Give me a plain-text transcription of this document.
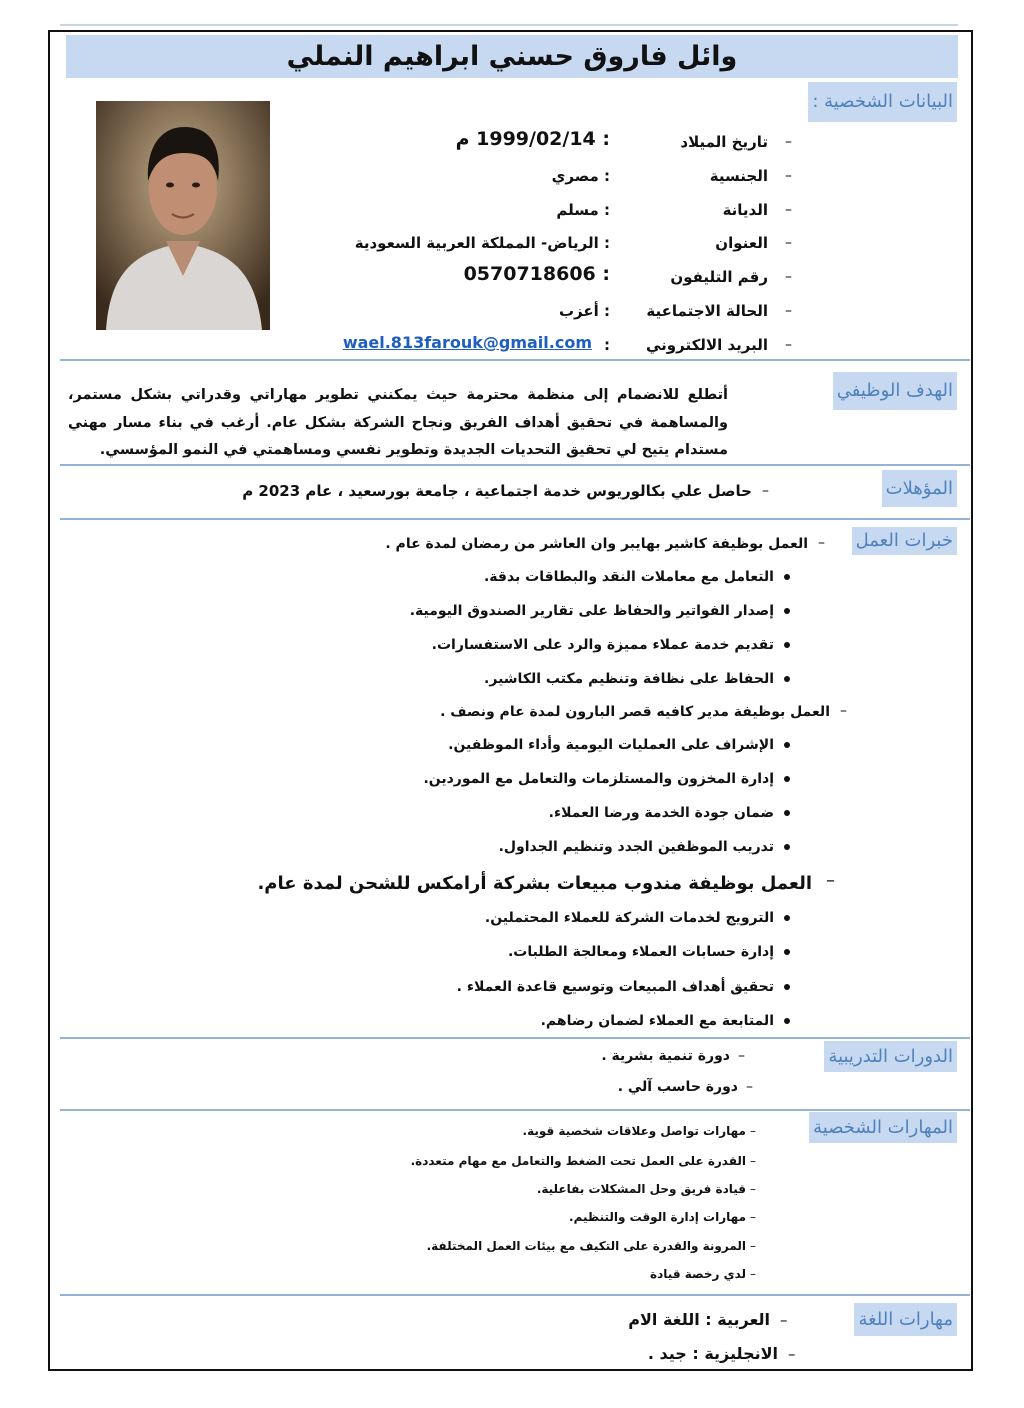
وائل فاروق حسني ابراهيم النملي
البيانات الشخصية :
–
تاريخ الميلاد
: 1999/02/14 م
–
الجنسية
: مصري
–
الديانة
: مسلم
–
العنوان
: الرياض- المملكة العربية السعودية
–
رقم التليفون
: 0570718606
–
الحالة الاجتماعية
: أعزب
–
البريد الالكتروني
:
wael.813farouk@gmail.com
الهدف الوظيفي
أتطلع للانضمام إلى منظمة محترمة حيث يمكنني تطوير مهاراتي وقدراتي بشكل مستمر، والمساهمة في تحقيق أهداف الفريق ونجاح الشركة بشكل عام. أرغب في بناء مسار مهني مستدام يتيح لي تحقيق التحديات الجديدة وتطوير نفسي ومساهمتي في النمو المؤسسي.
المؤهلات
–
حاصل علي بكالوريوس خدمة اجتماعية ، جامعة بورسعيد ، عام 2023 م
خبرات العمل
–
العمل بوظيفة كاشير بهايبر وان العاشر من رمضان لمدة عام .
التعامل مع معاملات النقد والبطاقات بدقة.
إصدار الفواتير والحفاظ على تقارير الصندوق اليومية.
تقديم خدمة عملاء مميزة والرد على الاستفسارات.
الحفاظ على نظافة وتنظيم مكتب الكاشير.
–
العمل بوظيفة مدير كافيه قصر البارون لمدة عام ونصف .
الإشراف على العمليات اليومية وأداء الموظفين.
إدارة المخزون والمستلزمات والتعامل مع الموردين.
ضمان جودة الخدمة ورضا العملاء.
تدريب الموظفين الجدد وتنظيم الجداول.
–
العمل بوظيفة مندوب مبيعات بشركة أرامكس للشحن لمدة عام.
الترويج لخدمات الشركة للعملاء المحتملين.
إدارة حسابات العملاء ومعالجة الطلبات.
تحقيق أهداف المبيعات وتوسيع قاعدة العملاء .
المتابعة مع العملاء لضمان رضاهم.
الدورات التدريبية
–
دورة تنمية بشرية .
–
دورة حاسب آلي .
المهارات الشخصية
–
مهارات تواصل وعلاقات شخصية قوية.
–
القدرة على العمل تحت الضغط والتعامل مع مهام متعددة.
–
قيادة فريق وحل المشكلات بفاعلية.
–
مهارات إدارة الوقت والتنظيم.
–
المرونة والقدرة على التكيف مع بيئات العمل المختلفة.
–
لدي رخصة قيادة
مهارات اللغة
–
العربية : اللغة الام
–
الانجليزية : جيد .
